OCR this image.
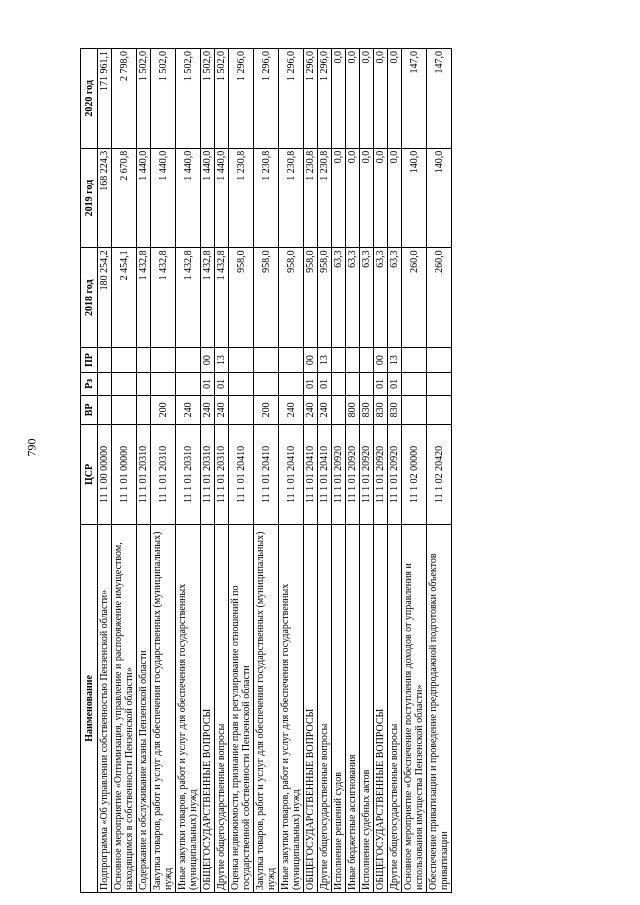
790
Наименование	ЦСР	ВР	Рз	ПР	2018 год	2019 год	2020 год
Подпрограмма «Об управлении собственностью Пензенской области»	11 1 00 00000				180 254,2	168 224,3	171 961,1
Основное мероприятие «Оптимизация, управление и распоряжение имуществом, находящимся в собственности Пензенской области»	11 1 01 00000				2 454,1	2 670,8	2 798,0
Содержание и обслуживание казны Пензенской области	11 1 01 20310				1 432,8	1 440,0	1 502,0
Закупка товаров, работ и услуг для обеспечения государственных (муниципальных) нужд	11 1 01 20310	200			1 432,8	1 440,0	1 502,0
Иные закупки товаров, работ и услуг для обеспечения государственных (муниципальных) нужд	11 1 01 20310	240			1 432,8	1 440,0	1 502,0
ОБЩЕГОСУДАРСТВЕННЫЕ ВОПРОСЫ	11 1 01 20310	240	01	00	1 432,8	1 440,0	1 502,0
Другие общегосударственные вопросы	11 1 01 20310	240	01	13	1 432,8	1 440,0	1 502,0
Оценка недвижимости, признание прав и регулирование отношений по государственной собственности Пензенской области	11 1 01 20410				958,0	1 230,8	1 296,0
Закупка товаров, работ и услуг для обеспечения государственных (муниципальных) нужд	11 1 01 20410	200			958,0	1 230,8	1 296,0
Иные закупки товаров, работ и услуг для обеспечения государственных (муниципальных) нужд	11 1 01 20410	240			958,0	1 230,8	1 296,0
ОБЩЕГОСУДАРСТВЕННЫЕ ВОПРОСЫ	11 1 01 20410	240	01	00	958,0	1 230,8	1 296,0
Другие общегосударственные вопросы	11 1 01 20410	240	01	13	958,0	1 230,8	1 296,0
Исполнение решений судов	11 1 01 20920				63,3	0,0	0,0
Иные бюджетные ассигнования	11 1 01 20920	800			63,3	0,0	0,0
Исполнение судебных актов	11 1 01 20920	830			63,3	0,0	0,0
ОБЩЕГОСУДАРСТВЕННЫЕ ВОПРОСЫ	11 1 01 20920	830	01	00	63,3	0,0	0,0
Другие общегосударственные вопросы	11 1 01 20920	830	01	13	63,3	0,0	0,0
Основное мероприятие «Обеспечение поступления доходов от управления и использования имущества Пензенской области»	11 1 02 00000				260,0	140,0	147,0
Обеспечение приватизации и проведение предпродажной подготовки объектов приватизации	11 1 02 20420				260,0	140,0	147,0
